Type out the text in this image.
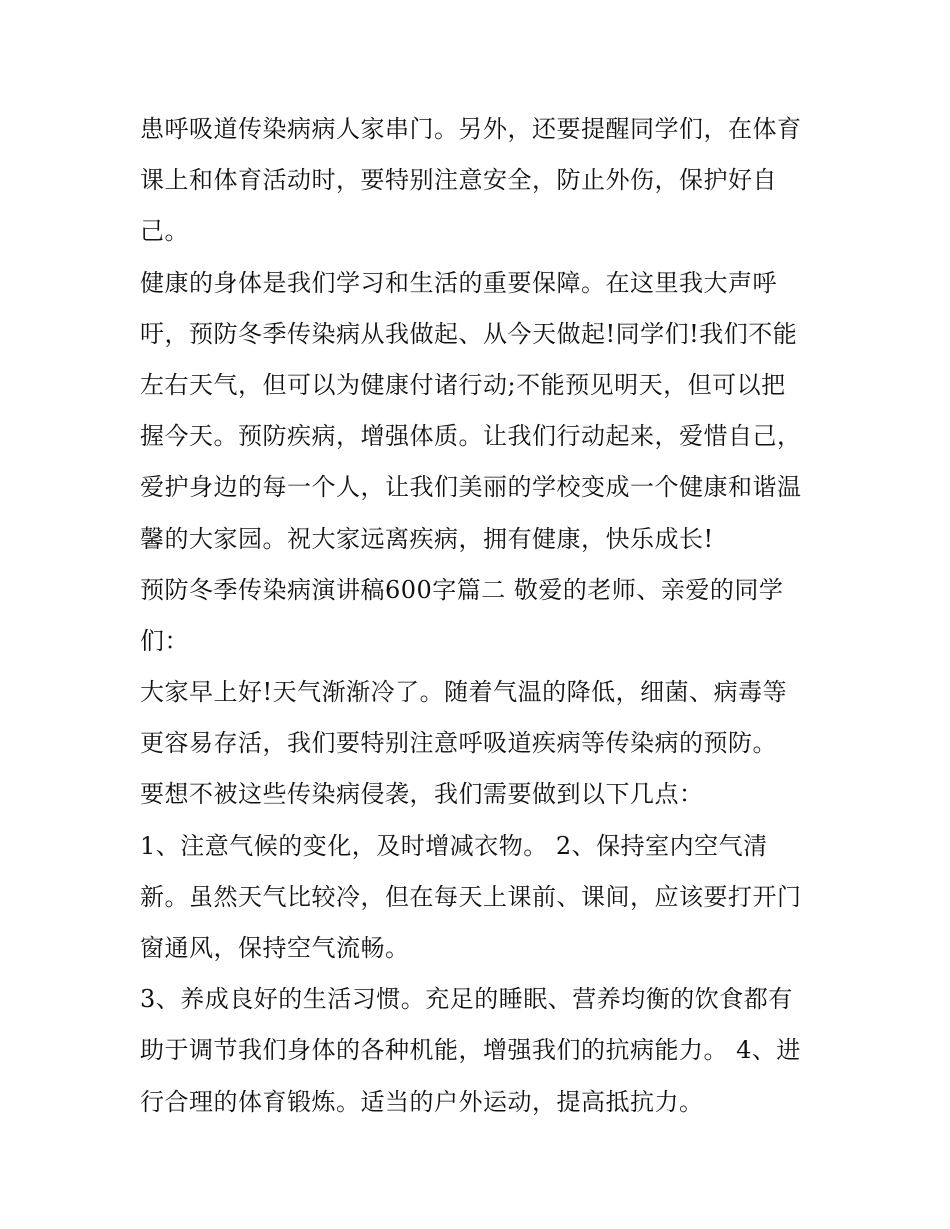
患呼吸道传染病病人家串门。另外，还要提醒同学们，在体育
课上和体育活动时，要特别注意安全，防止外伤，保护好自
己。
健康的身体是我们学习和生活的重要保障。在这里我大声呼
吁，预防冬季传染病从我做起、从今天做起!同学们!我们不能
左右天气，但可以为健康付诸行动;不能预见明天，但可以把
握今天。预防疾病，增强体质。让我们行动起来，爱惜自己，
爱护身边的每一个人，让我们美丽的学校变成一个健康和谐温
馨的大家园。祝大家远离疾病，拥有健康，快乐成长!
预防冬季传染病演讲稿600字篇二 敬爱的老师、亲爱的同学
们：
大家早上好!天气渐渐冷了。随着气温的降低，细菌、病毒等
更容易存活，我们要特别注意呼吸道疾病等传染病的预防。
要想不被这些传染病侵袭，我们需要做到以下几点：
1、注意气候的变化，及时增减衣物。 2、保持室内空气清
新。虽然天气比较冷，但在每天上课前、课间，应该要打开门
窗通风，保持空气流畅。
3、养成良好的生活习惯。充足的睡眠、营养均衡的饮食都有
助于调节我们身体的各种机能，增强我们的抗病能力。 4、进
行合理的体育锻炼。适当的户外运动，提高抵抗力。
